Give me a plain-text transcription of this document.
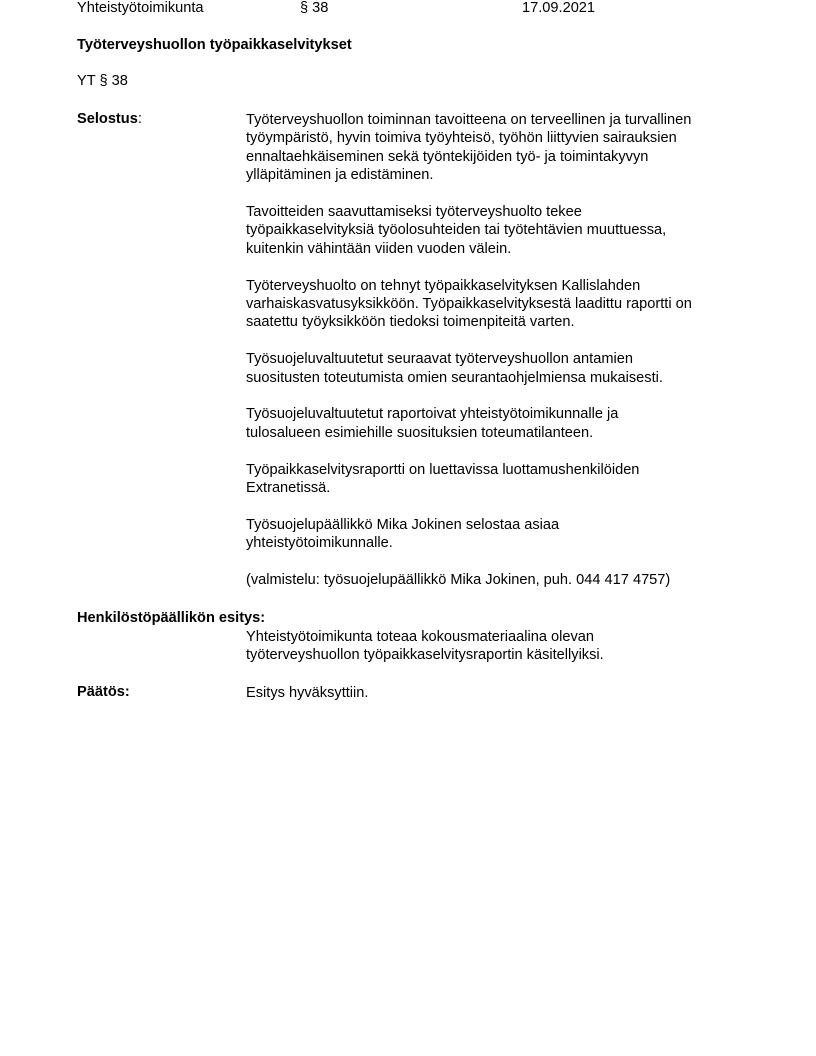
Yhteistyötoimikunta	§ 38	17.09.2021
Työterveyshuollon työpaikkaselvitykset
YT § 38
Selostus:	Työterveyshuollon toiminnan tavoitteena on terveellinen ja turvallinen
työympäristö, hyvin toimiva työyhteisö, työhön liittyvien sairauksien
ennaltaehkäiseminen sekä työntekijöiden työ- ja toimintakyvyn
ylläpitäminen ja edistäminen.

Tavoitteiden saavuttamiseksi työterveyshuolto tekee
työpaikkaselvityksiä työolosuhteiden tai työtehtävien muuttuessa,
kuitenkin vähintään viiden vuoden välein.

Työterveyshuolto on tehnyt työpaikkaselvityksen Kallislahden
varhaiskasvatusyksikköön. Työpaikkaselvityksestä laadittu raportti on
saatettu työyksikköön tiedoksi toimenpiteitä varten.

Työsuojeluvaltuutetut seuraavat työterveyshuollon antamien
suositusten toteutumista omien seurantaohjelmiensa mukaisesti.

Työsuojeluvaltuutetut raportoivat yhteistyötoimikunnalle ja
tulosalueen esimiehille suosituksien toteumatilanteen.

Työpaikkaselvitysraportti on luettavissa luottamushenkilöiden
Extranetissä.

Työsuojelupäällikkö Mika Jokinen selostaa asiaa
yhteistyötoimikunnalle.

(valmistelu: työsuojelupäällikkö Mika Jokinen, puh. 044 417 4757)

Henkilöstöpäällikön esitys:

Yhteistyötoimikunta toteaa kokousmateriaalina olevan
työterveyshuollon työpaikkaselvitysraportin käsitellyiksi.

Päätös:	Esitys hyväksyttiin.
